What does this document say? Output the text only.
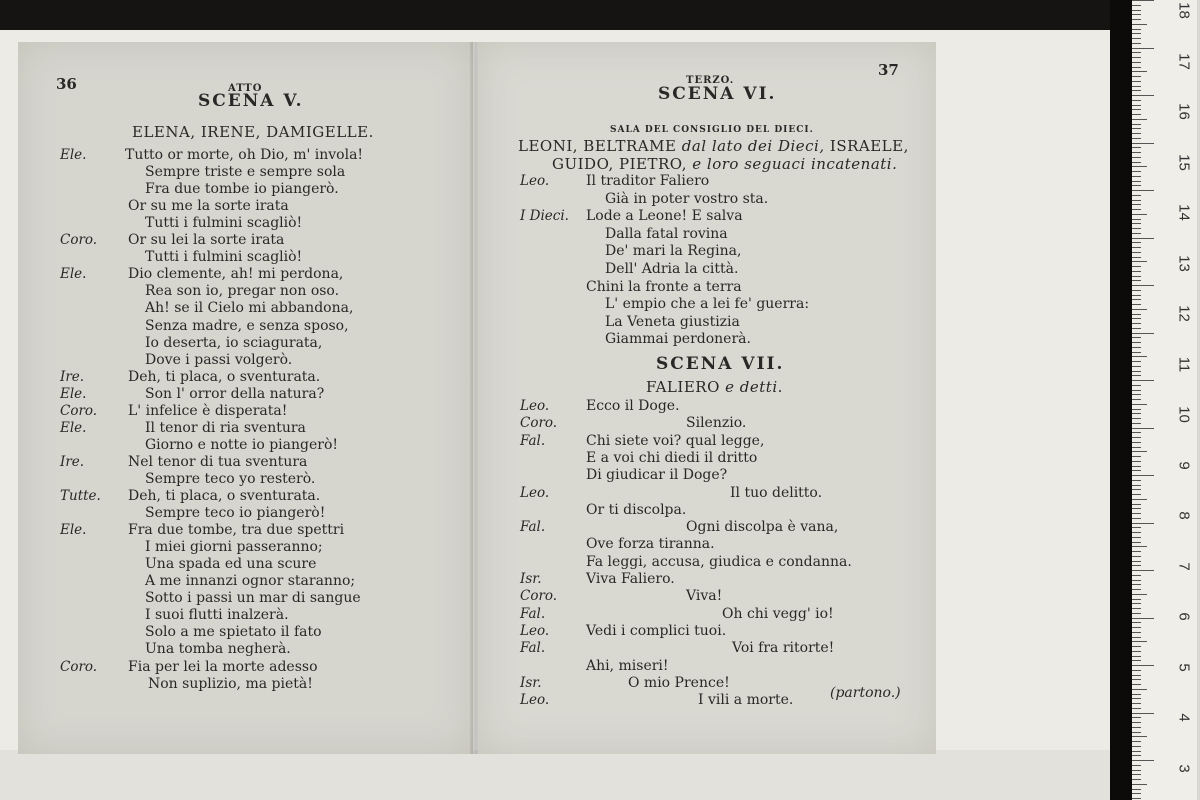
18
17
16
15
14
13
12
11
10
9
8
7
6
5
4
3
36	ATTO
SCENA V.
ELENA, IRENE, DAMIGELLE.
Ele.	Tutto or morte, oh Dio, m' invola!
Sempre triste e sempre sola
Fra due tombe io piangerò.
Or su me la sorte irata
Tutti i fulmini scagliò!
Coro. Or su lei la sorte irata
Tutti i fulmini scagliò!
Ele.	Dio clemente, ah! mi perdona,
Rea son io, pregar non oso.
Ah! se il Cielo mi abbandona,
Senza madre, e senza sposo,
Io deserta, io sciagurata,
Dove i passi volgerò.
Ire.	Deh, ti placa, o sventurata.
Ele.	Son l' orror della natura?
Coro. L' infelice è disperata!
Ele.	Il tenor di ria sventura
Giorno e notte io piangerò!
Ire.	Nel tenor di tua sventura
Sempre teco yo resterò.
Tutte. Deh, ti placa, o sventurata.
Sempre teco io piangerò!
Ele.	Fra due tombe, tra due spettri
I miei giorni passeranno;
Una spada ed una scure
A me innanzi ognor staranno;
Sotto i passi un mar di sangue
I suoi flutti inalzerà.
Solo a me spietato il fato
Una tomba negherà.
Coro. Fia per lei la morte adesso
Non suplizio, ma pietà!
TERZO.
37
SCENA VI.
SALA DEL CONSIGLIO DEL DIECI.
LEONI, BELTRAME dal lato dei Dieci, ISRAELE,
GUIDO, PIETRO, e loro seguaci incatenati.
Leo.	Il traditor Faliero
Già in poter vostro sta.
I Dieci. Lode a Leone! E salva
Dalla fatal rovina
De' mari la Regina,
Dell' Adria la città.
Chini la fronte a terra
L' empio che a lei fe' guerra:
La Veneta giustizia
Giammai perdonerà.
SCENA VII.
FALIERO e detti.
Leo.	Ecco il Doge.
Coro.	Silenzio.
Fal.	Chi siete voi? qual legge,
E a voi chi diedi il dritto
Di giudicar il Doge?
Leo.	Il tuo delitto.
Or ti discolpa.
Fal.	Ogni discolpa è vana,
Ove forza tiranna.
Fa leggi, accusa, giudica e condanna.
Isr.	Viva Faliero.
Coro.	Viva!
Fal.	Oh chi vegg' io!
Leo.	Vedi i complici tuoi.
Fal.	Voi fra ritorte!
Ahi, miseri!
Isr.	O mio Prence!
Leo.	I vili a morte.	(partono.)
